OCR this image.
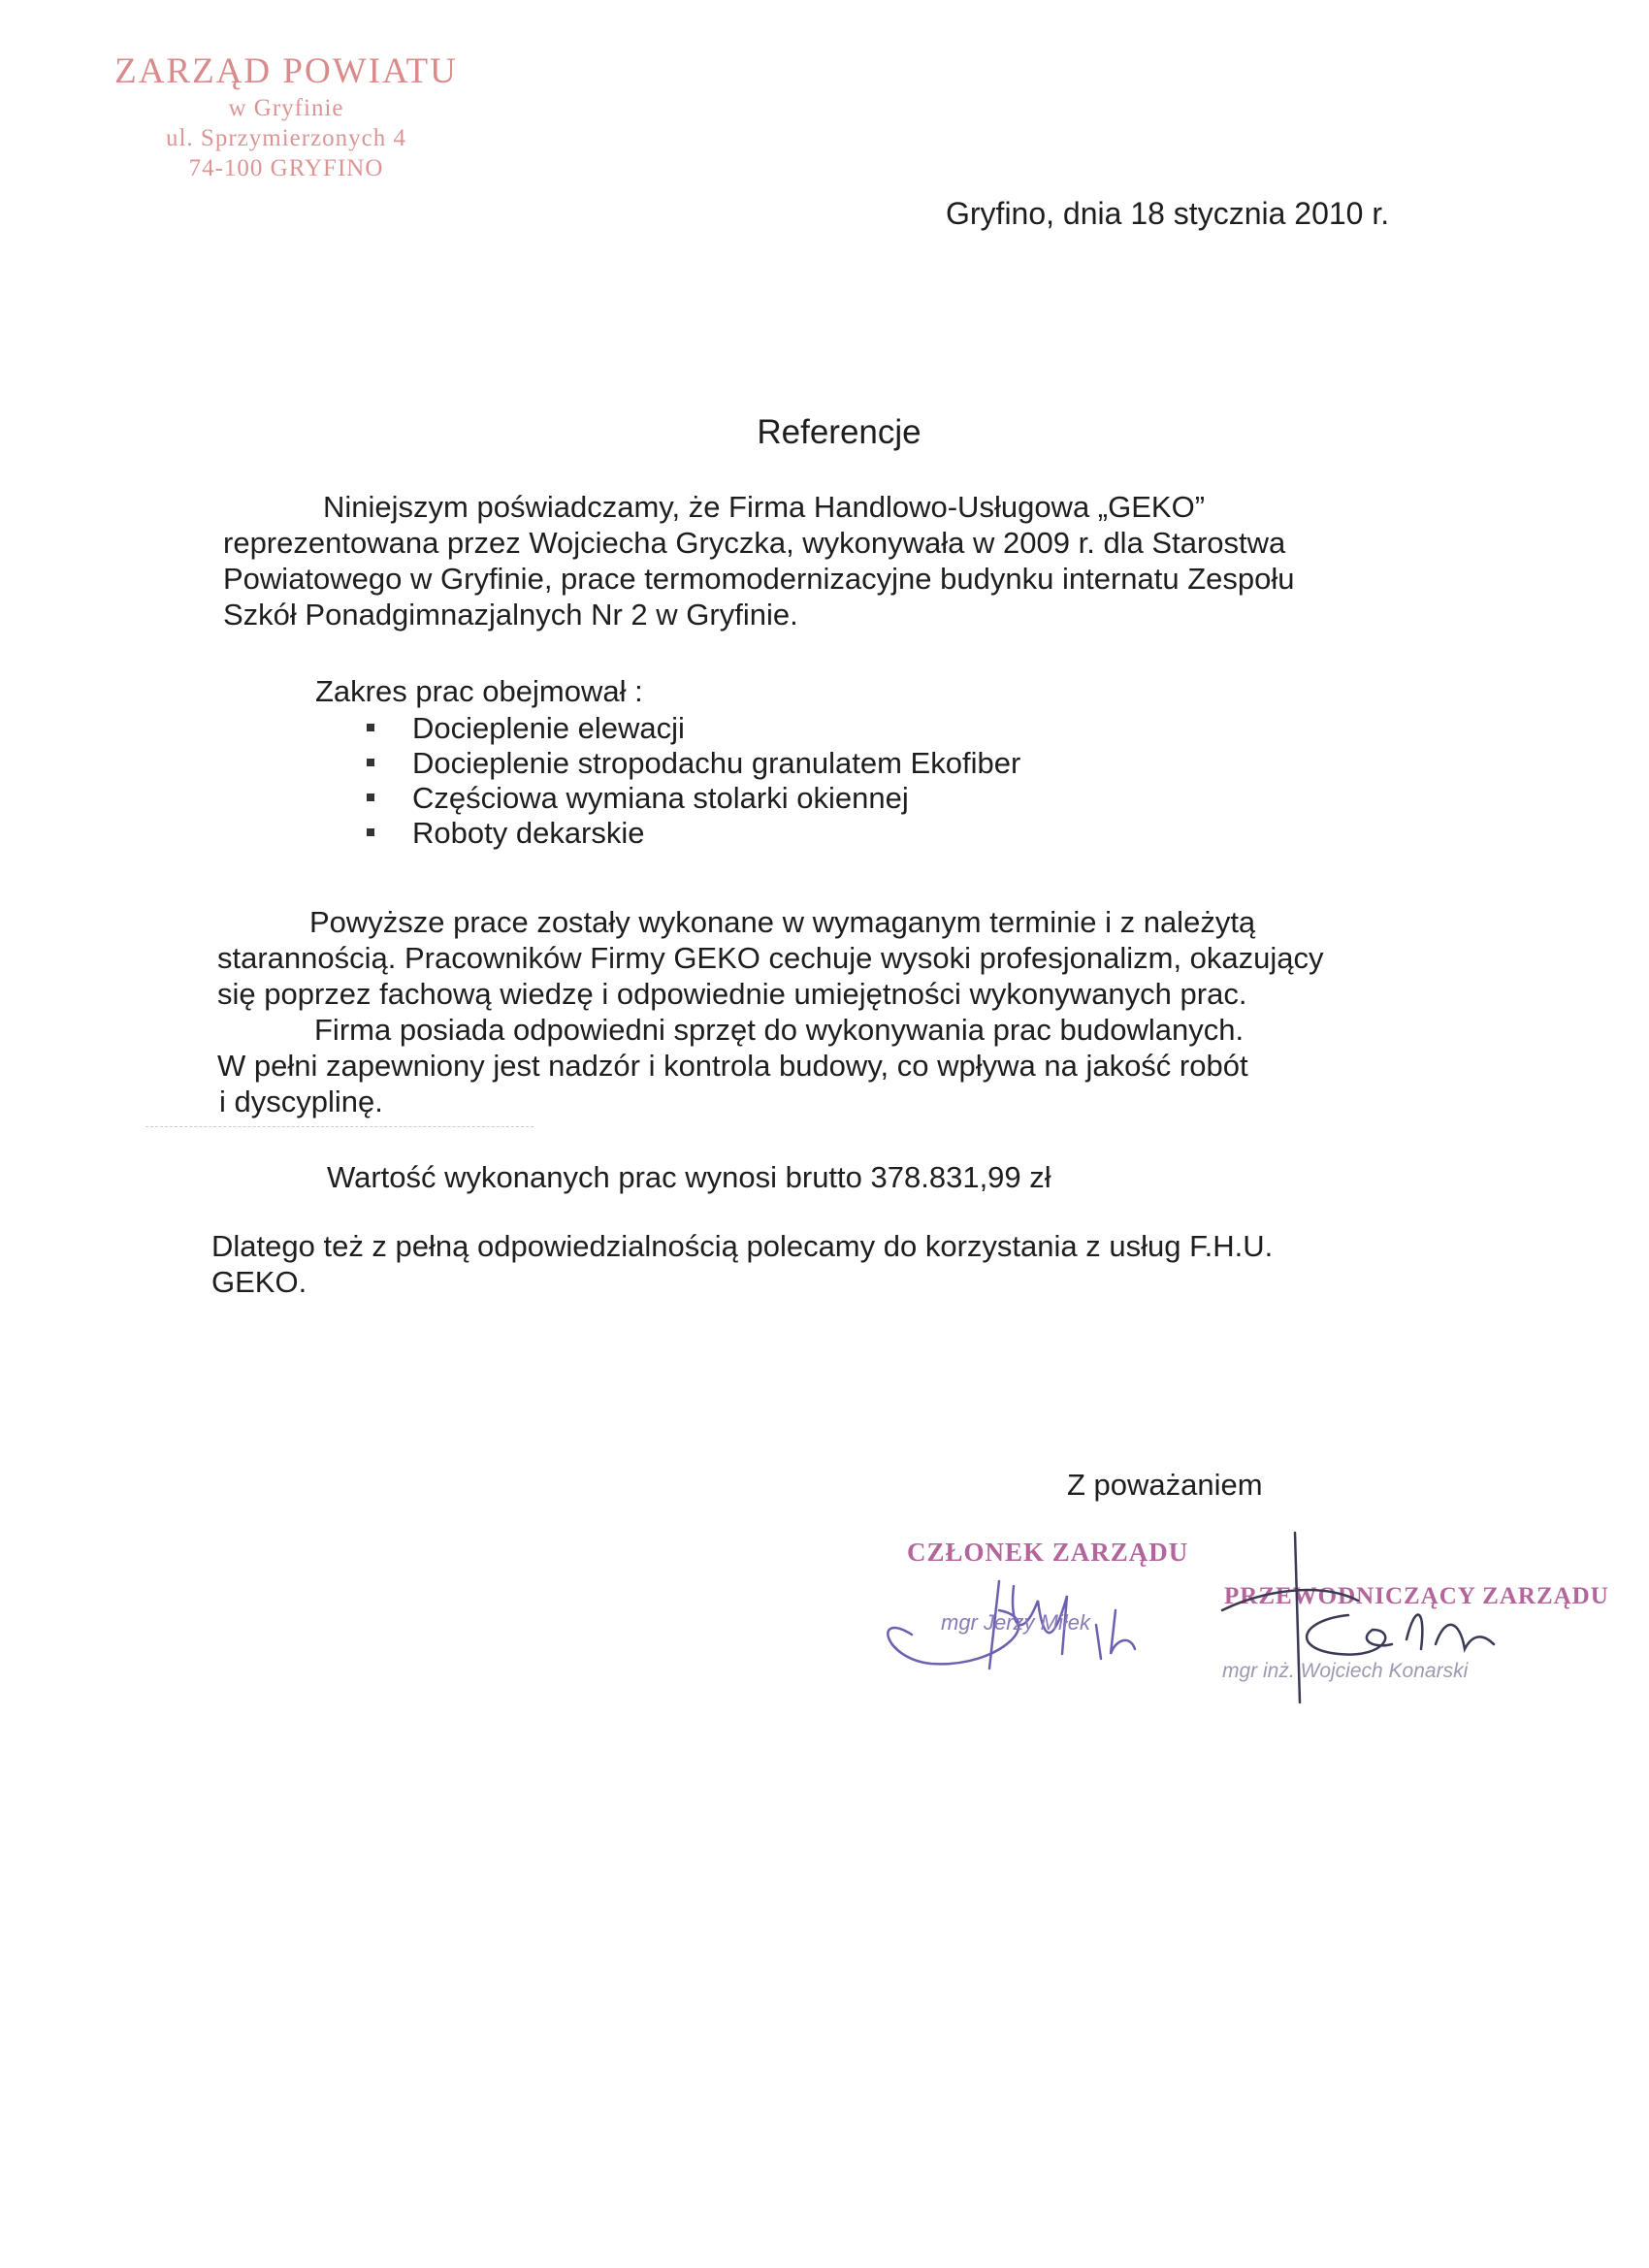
ZARZĄD POWIATU
w Gryfinie
ul. Sprzymierzonych 4
74-100 GRYFINO
Gryfino, dnia 18 stycznia 2010 r.
Referencje
Niniejszym poświadczamy, że Firma Handlowo-Usługowa „GEKO”
reprezentowana przez Wojciecha Gryczka, wykonywała w 2009 r. dla Starostwa
Powiatowego w Gryfinie, prace termomodernizacyjne budynku internatu Zespołu
Szkół Ponadgimnazjalnych Nr 2 w Gryfinie.
Zakres prac obejmował :
Docieplenie elewacji
Docieplenie stropodachu granulatem Ekofiber
Częściowa wymiana stolarki okiennej
Roboty dekarskie
Powyższe prace zostały wykonane w wymaganym terminie i z należytą
starannością. Pracowników Firmy GEKO cechuje wysoki profesjonalizm, okazujący
się poprzez fachową wiedzę i odpowiednie umiejętności wykonywanych prac.
Firma posiada odpowiedni sprzęt do wykonywania prac budowlanych.
W pełni zapewniony jest nadzór i kontrola budowy, co wpływa na jakość robót
i dyscyplinę.
Wartość wykonanych prac wynosi brutto 378.831,99 zł
Dlatego też z pełną odpowiedzialnością polecamy do korzystania z usług F.H.U.
GEKO.
Z poważaniem
CZŁONEK ZARZĄDU
mgr Jerzy Miłek
PRZEWODNICZĄCY ZARZĄDU
mgr inż. Wojciech Konarski
